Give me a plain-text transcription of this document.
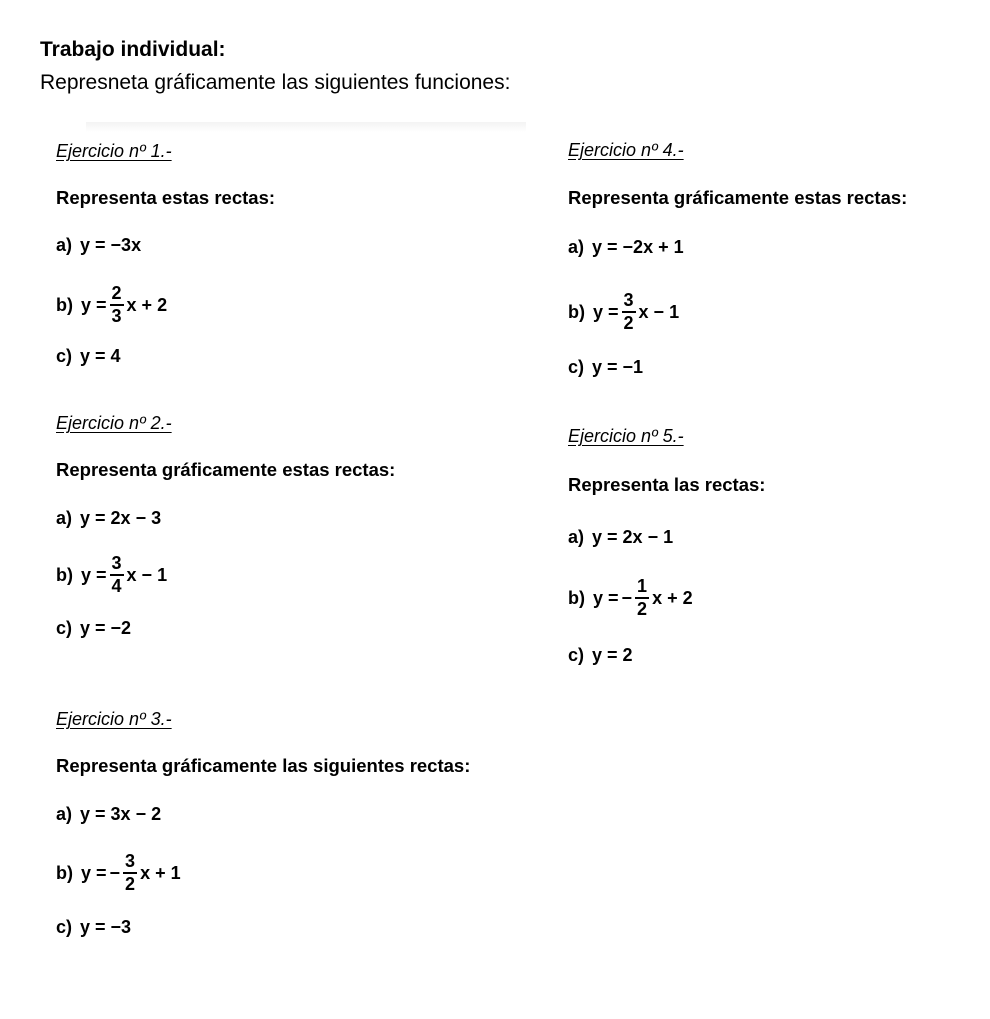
Trabajo individual:
Represneta gráficamente las siguientes funciones:
Ejercicio nº 1.-
Representa estas rectas:
a) y = −3x
b) $y = \frac{2}{3}$ x + 2
c) y = 4
Ejercicio nº 2.-
Representa gráficamente estas rectas:
a) y = 2x − 3
b) $y = \frac{3}{4}$ x − 1
c) y = −2
Ejercicio nº 3.-
Representa gráficamente las siguientes rectas:
a) y = 3x − 2
b) y = − $\frac{3}{2}$ x + 1
c) y = −3
Ejercicio nº 4.-
Representa gráficamente estas rectas:
a) y = −2x + 1
b) $y = \frac{3}{2}$ x − 1
c) y = −1
Ejercicio nº 5.-
Representa las rectas:
a) y = 2x − 1
b) y = − $\frac{1}{2}$ x + 2
c) y = 2
